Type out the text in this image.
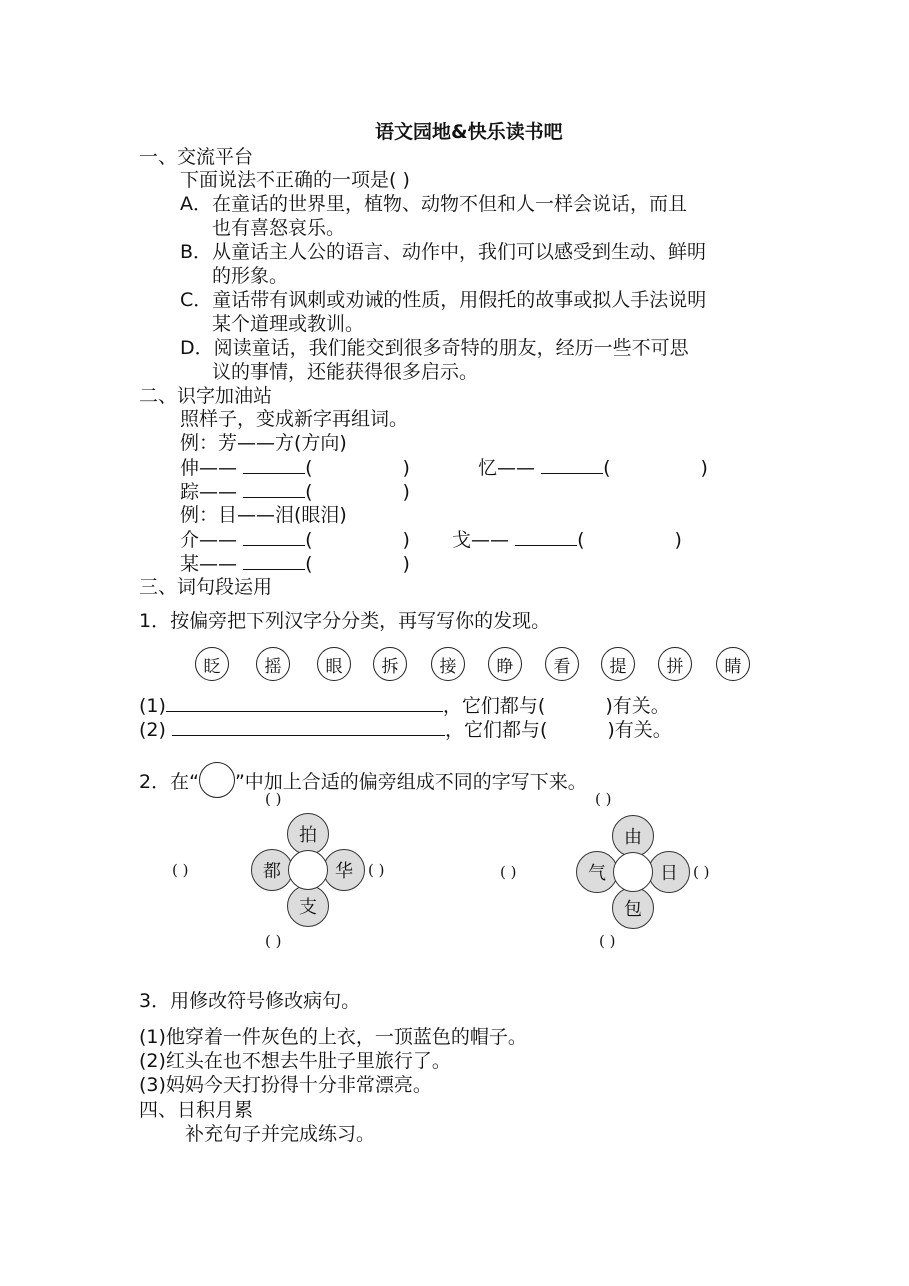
语文园地&快乐读书吧
一、交流平台
下面说法不正确的一项是( )
A．在童话的世界里，植物、动物不但和人一样会说话，而且
也有喜怒哀乐。
B．从童话主人公的语言、动作中，我们可以感受到生动、鲜明
的形象。
C．童话带有讽刺或劝诫的性质，用假托的故事或拟人手法说明
某个道理或教训。
D．阅读童话，我们能交到很多奇特的朋友，经历一些不可思
议的事情，还能获得很多启示。
二、识字加油站
照样子，变成新字再组词。
例：芳——方(方向)
伸——	(	)	忆——	(	)
踪——	(	)
例：目——泪(眼泪)
介——	(	) 戈——	(	)
某——	(	)
三、词句段运用
1．按偏旁把下列汉字分分类，再写写你的发现。
眨	摇	眼	拆	接	睁	看	提	拼	睛
(1)	，它们都与(	)有关。
(2)	，它们都与(	)有关。
2．在“ ”中加上合适的偏旁组成不同的字写下来。
( )
拍
都	华
支
( )	( )
( )
( )
由
气	日
包
( )	( )
( )
3．用修改符号修改病句。
(1)他穿着一件灰色的上衣，一顶蓝色的帽子。
(2)红头在也不想去牛肚子里旅行了。
(3)妈妈今天打扮得十分非常漂亮。
四、日积月累
补充句子并完成练习。
